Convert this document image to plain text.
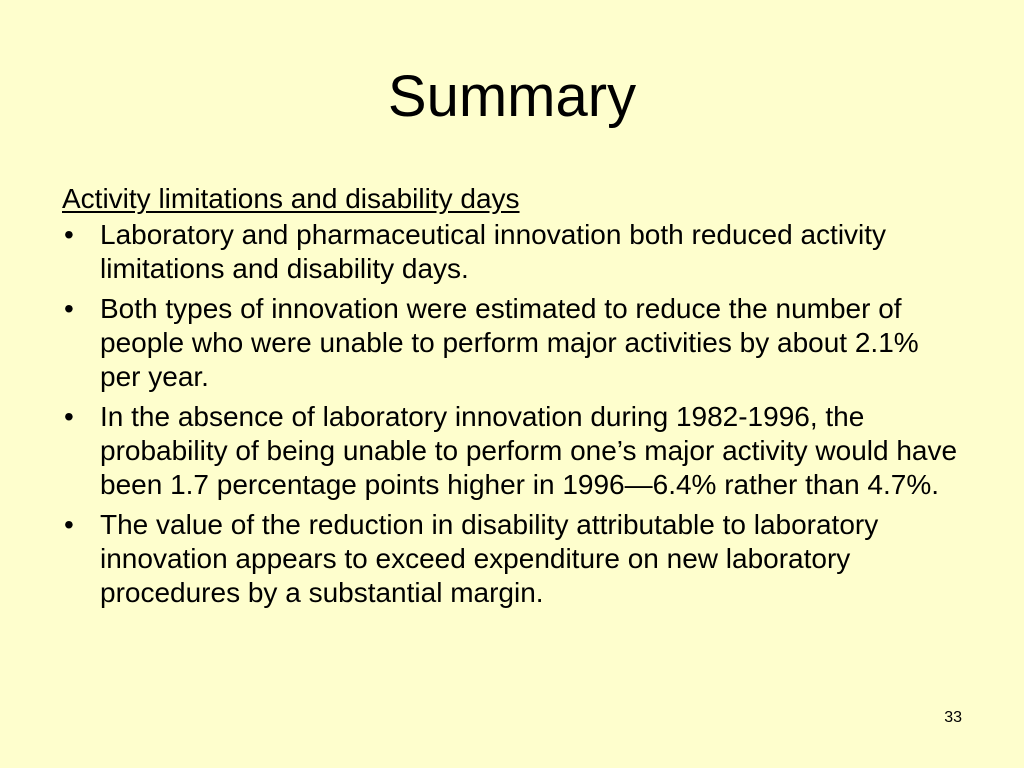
Summary

Activity limitations and disability days

• Laboratory and pharmaceutical innovation both reduced activity limitations and disability days.
• Both types of innovation were estimated to reduce the number of people who were unable to perform major activities by about 2.1% per year.
• In the absence of laboratory innovation during 1982-1996, the probability of being unable to perform one’s major activity would have been 1.7 percentage points higher in 1996—6.4% rather than 4.7%.
• The value of the reduction in disability attributable to laboratory innovation appears to exceed expenditure on new laboratory procedures by a substantial margin.
33
